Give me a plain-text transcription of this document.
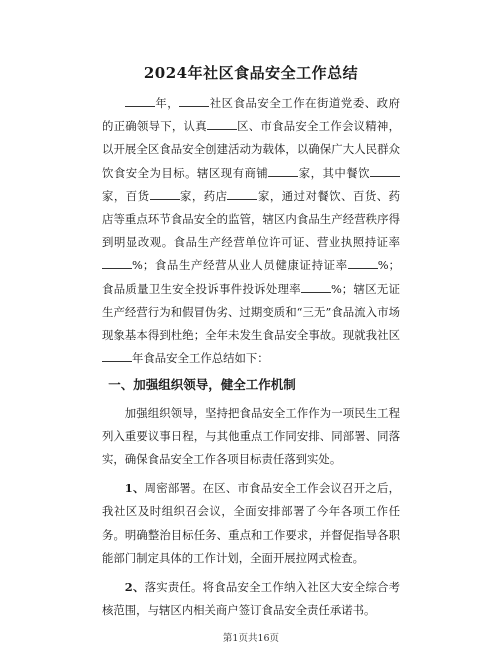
2024年社区食品安全工作总结

年，	社区食品安全工作在街道党委、政府的正确领导下，认真	区、市食品安全工作会议精神，以开展全区食品安全创建活动为载体，以确保广大人民群众饮食安全为目标。辖区现有商铺	家，其中餐饮家，百货	家，药店	家，通过对餐饮、百货、药店等重点环节食品安全的监管，辖区内食品生产经营秩序得到明显改观。食品生产经营单位许可证、营业执照持证率%；食品生产经营从业人员健康证持证率	%；食品质量卫生安全投诉事件投诉处理率	%；辖区无证生产经营行为和假冒伪劣、过期变质和“三无”食品流入市场现象基本得到杜绝；全年未发生食品安全事故。现就我社区年食品安全工作总结如下：

一、加强组织领导，健全工作机制

加强组织领导，坚持把食品安全工作作为一项民生工程列入重要议事日程，与其他重点工作同安排、同部署、同落实，确保食品安全工作各项目标责任落到实处。

1、周密部署。在区、市食品安全工作会议召开之后，我社区及时组织召会议，全面安排部署了今年各项工作任务。明确整治目标任务、重点和工作要求，并督促指导各职能部门制定具体的工作计划，全面开展拉网式检查。

2、落实责任。将食品安全工作纳入社区大安全综合考核范围，与辖区内相关商户签订食品安全责任承诺书。

第1页共16页
